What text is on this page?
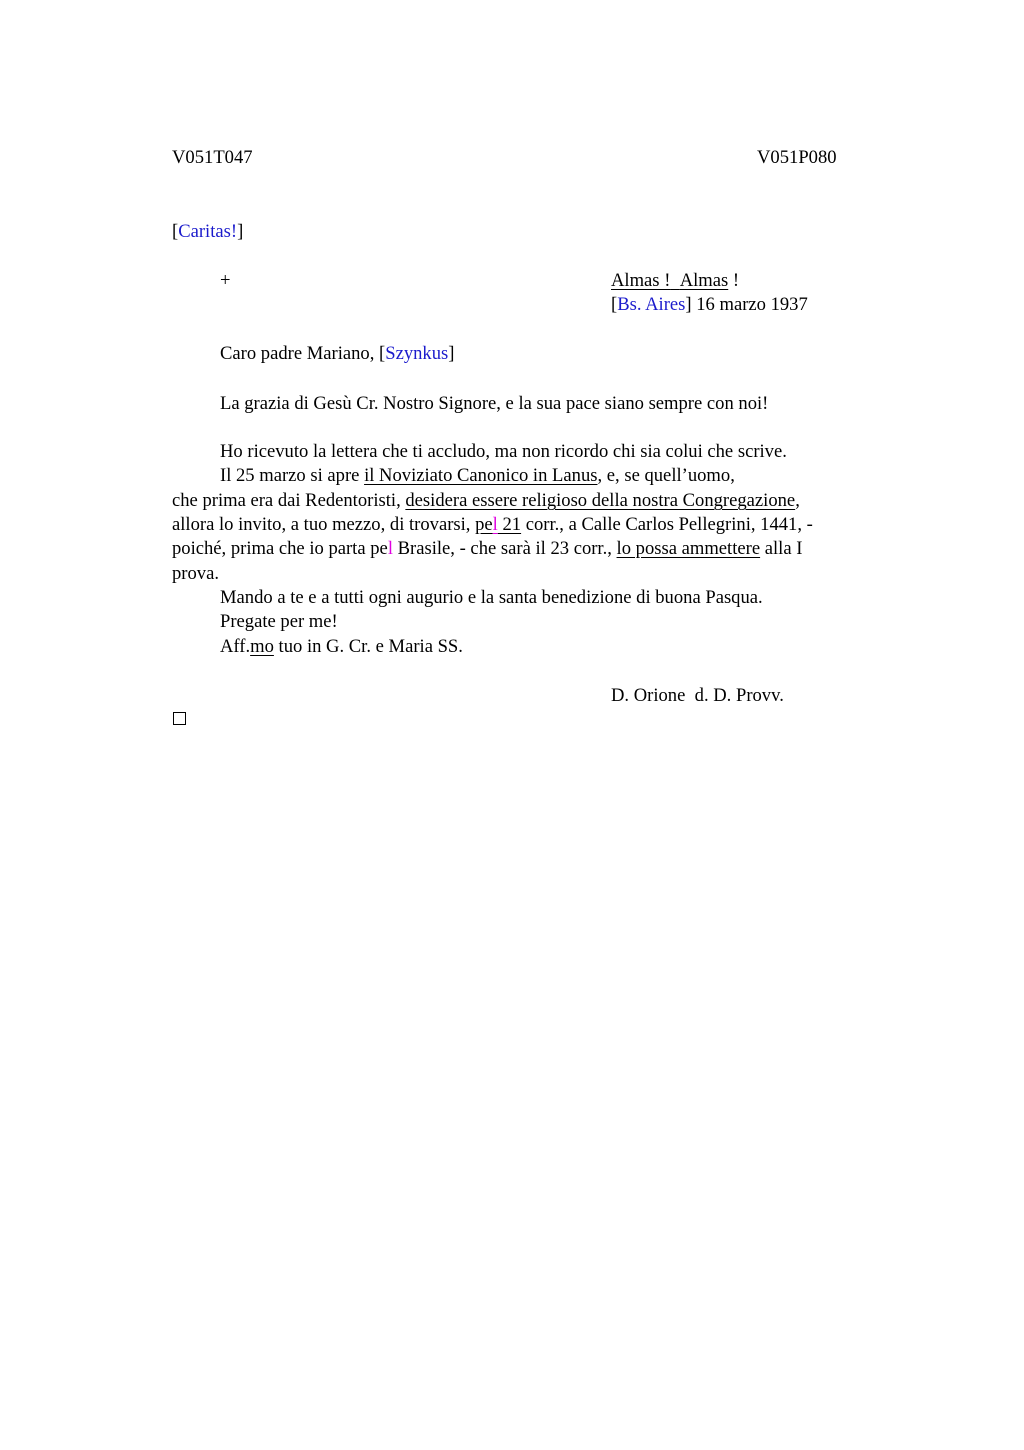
V051T047	V051P080
[Caritas!]
+	Almas ! Almas !
[Bs. Aires] 16 marzo 1937
Caro padre Mariano, [Szynkus]
La grazia di Gesù Cr. Nostro Signore, e la sua pace siano sempre con noi!
Ho ricevuto la lettera che ti accludo, ma non ricordo chi sia colui che scrive.
Il 25 marzo si apre il Noviziato Canonico in Lanus, e, se quell’uomo,
che prima era dai Redentoristi, desidera essere religioso della nostra Congregazione,
allora lo invito, a tuo mezzo, di trovarsi, pel 21 corr., a Calle Carlos Pellegrini, 1441, -
poiché, prima che io parta pel Brasile, - che sarà il 23 corr., lo possa ammettere alla I
prova.
Mando a te e a tutti ogni augurio e la santa benedizione di buona Pasqua.
Pregate per me!
Aff.mo tuo in G. Cr. e Maria SS.
D. Orione  d. D. Provv.
